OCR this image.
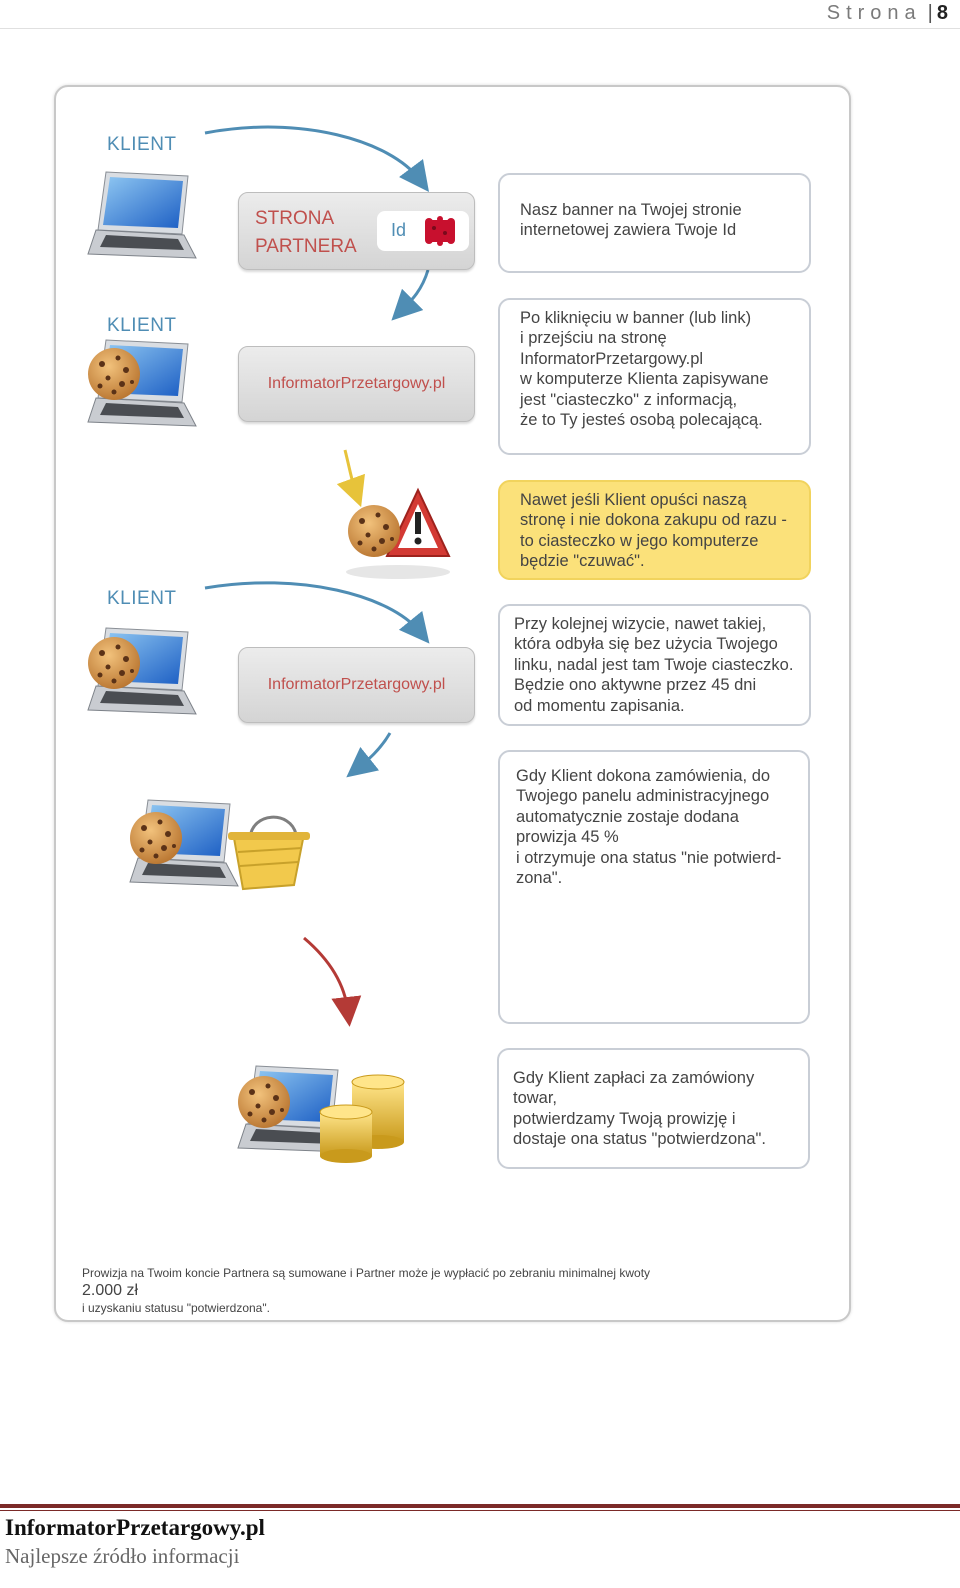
Strona | 8
KLIENT
KLIENT
KLIENT
STRONA
PARTNERA
Id
InformatorPrzetargowy.pl
InformatorPrzetargowy.pl
Nasz banner na Twojej stronie
internetowej zawiera Twoje Id
Po kliknięciu w banner (lub link)
i przejściu na stronę
InformatorPrzetargowy.pl
w komputerze Klienta zapisywane
jest "ciasteczko" z informacją,
że to Ty jesteś osobą polecającą.
Nawet jeśli Klient opuści naszą
stronę i nie dokona zakupu od razu -
to ciasteczko w jego komputerze
będzie "czuwać".
Przy kolejnej wizycie, nawet takiej,
która odbyła się bez użycia Twojego
linku, nadal jest tam Twoje ciasteczko.
Będzie ono aktywne przez 45 dni
od momentu zapisania.
Gdy Klient dokona zamówienia, do
Twojego panelu administracyjnego
automatycznie zostaje dodana
prowizja 45 %
i otrzymuje ona status "nie potwierd-
zona".
Gdy Klient zapłaci za zamówiony
towar,
potwierdzamy Twoją prowizję i
dostaje ona status "potwierdzona".

Prowizja na Twoim koncie Partnera są sumowane i Partner może je wypłacić po zebraniu minimalnej kwoty
2.000 zł

i uzyskaniu statusu "potwierdzona".

InformatorPrzetargowy.pl
Najlepsze źródło informacji
